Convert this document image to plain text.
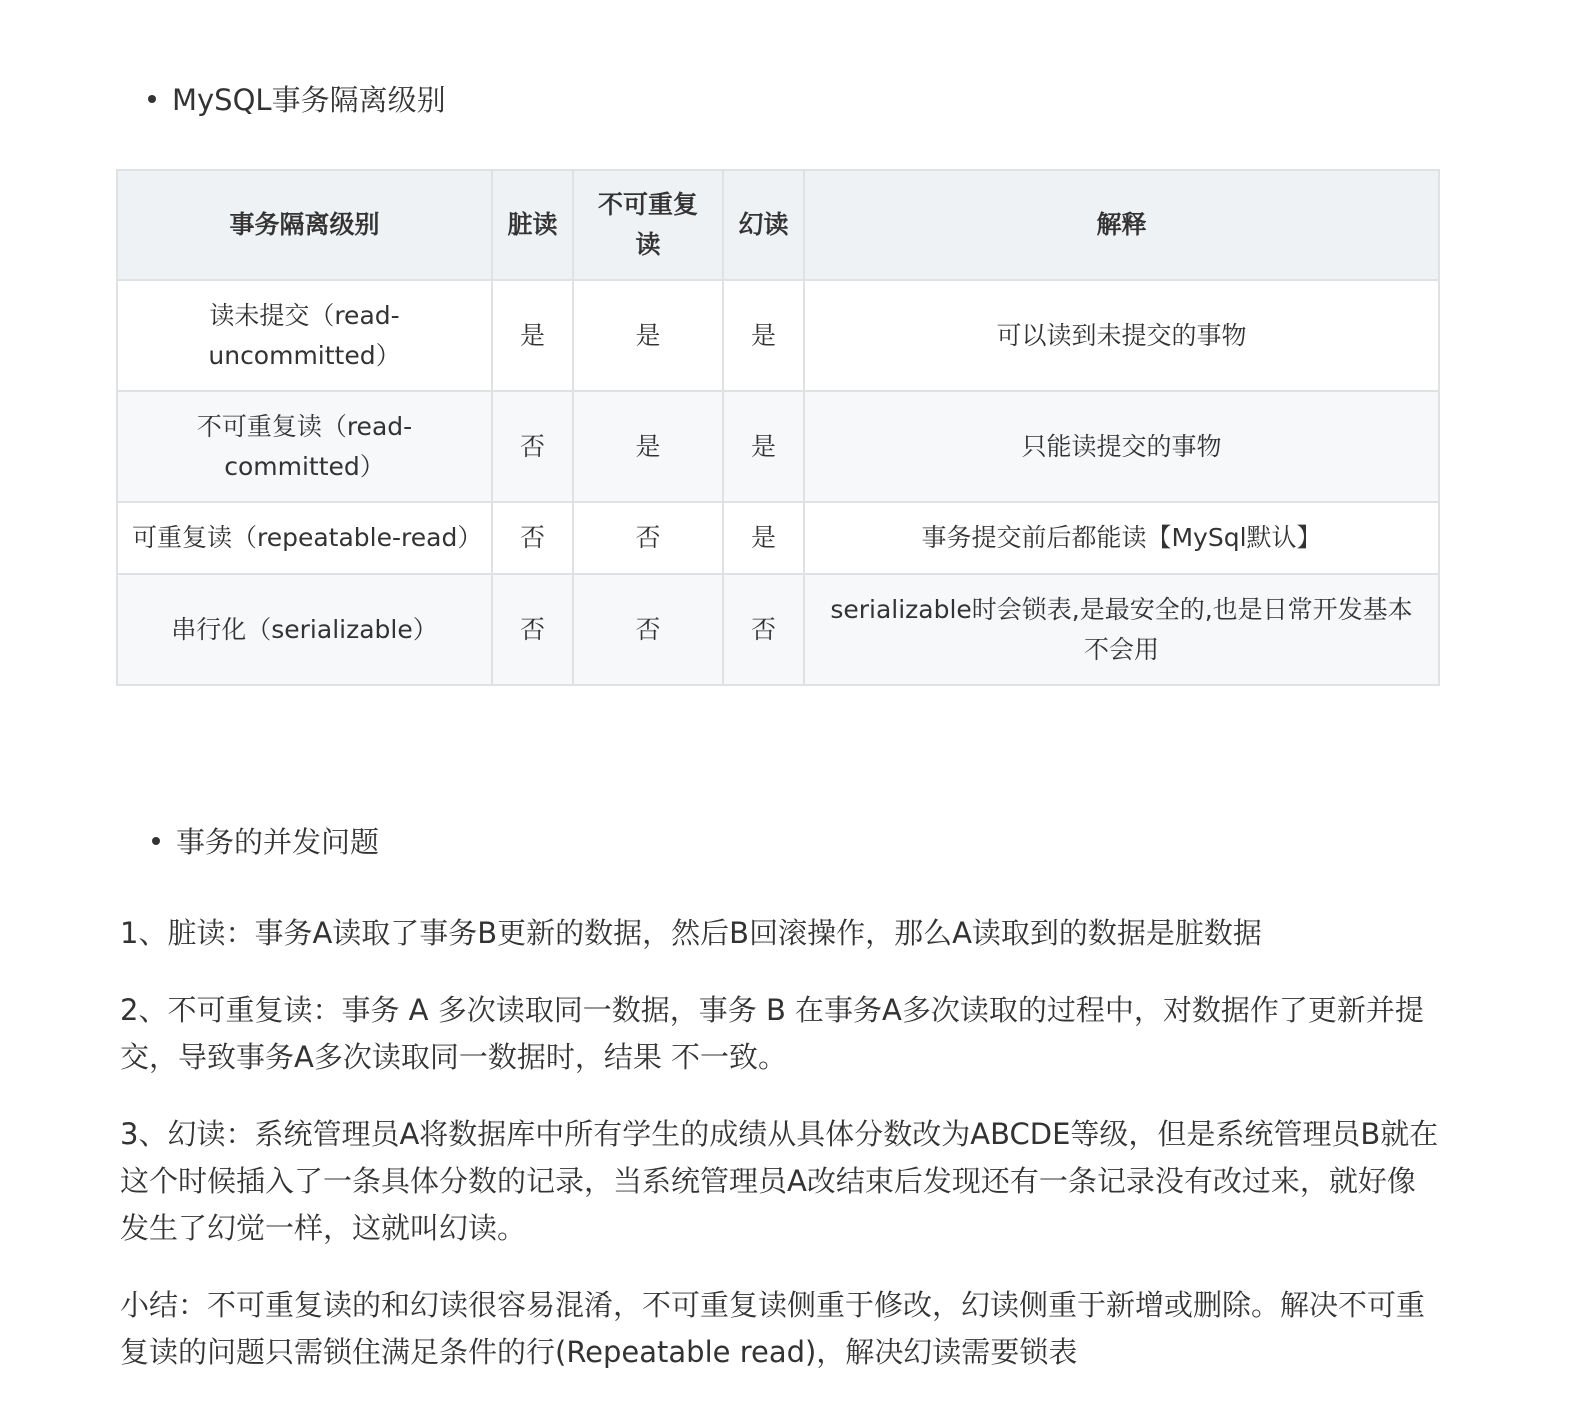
MySQL事务隔离级别
事务隔离级别	脏读	不可重复读	幻读	解释
读未提交（read-uncommitted）	是	是	是	可以读到未提交的事物
不可重复读（read-committed）	否	是	是	只能读提交的事物
可重复读（repeatable-read）	否	否	是	事务提交前后都能读【MySql默认】
串行化（serializable）	否	否	否	serializable时会锁表,是最安全的,也是日常开发基本不会用
事务的并发问题

1、脏读：事务A读取了事务B更新的数据，然后B回滚操作，那么A读取到的数据是脏数据

2、不可重复读：事务 A 多次读取同一数据，事务 B 在事务A多次读取的过程中，对数据作了更新并提交，导致事务A多次读取同一数据时，结果 不一致。

3、幻读：系统管理员A将数据库中所有学生的成绩从具体分数改为ABCDE等级，但是系统管理员B就在这个时候插入了一条具体分数的记录，当系统管理员A改结束后发现还有一条记录没有改过来，就好像发生了幻觉一样，这就叫幻读。

小结：不可重复读的和幻读很容易混淆，不可重复读侧重于修改，幻读侧重于新增或删除。解决不可重复读的问题只需锁住满足条件的行(Repeatable read)，解决幻读需要锁表
